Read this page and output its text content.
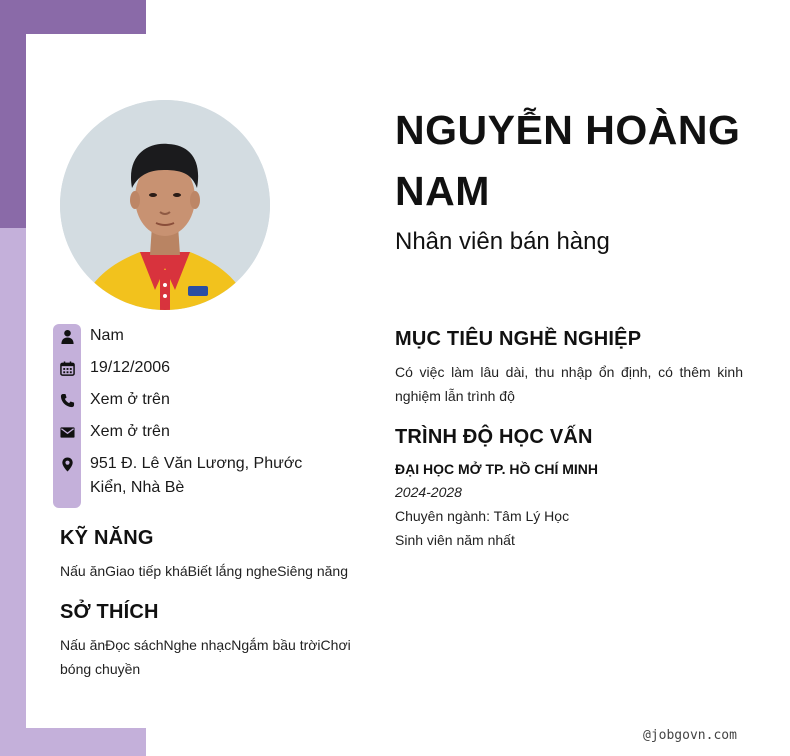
Nam
19/12/2006
Xem ở trên
Xem ở trên
951 Đ. Lê Văn Lương, Phước Kiển, Nhà Bè
KỸ NĂNG
Nấu ănGiao tiếp kháBiết lắng ngheSiêng năng
SỞ THÍCH
Nấu ănĐọc sáchNghe nhạcNgắm bầu trờiChơi bóng chuyền
NGUYỄN HOÀNG NAM
Nhân viên bán hàng
MỤC TIÊU NGHỀ NGHIỆP
Có việc làm lâu dài, thu nhập ổn định, có thêm kinh nghiệm lẫn trình độ
TRÌNH ĐỘ HỌC VẤN
ĐẠI HỌC MỞ TP. HỒ CHÍ MINH
2024-2028
Chuyên ngành: Tâm Lý Học
Sinh viên năm nhất
@jobgovn.com
